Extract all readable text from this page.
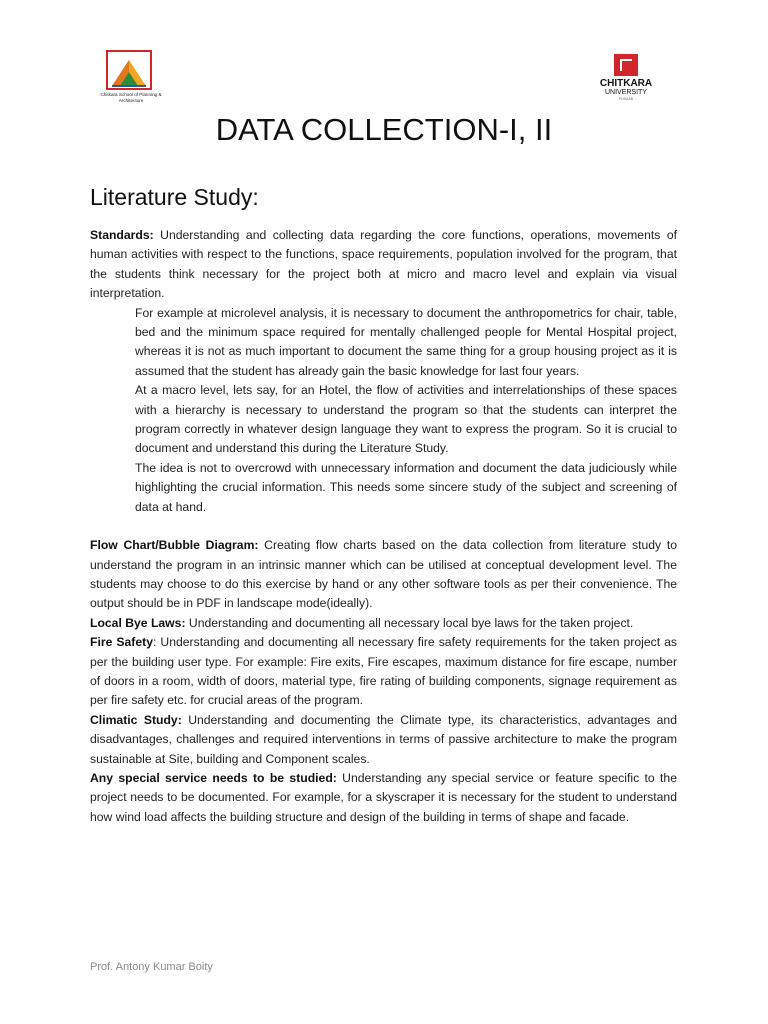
Chitkara School of Planning & Architecture
CHITKARA
UNIVERSITY
PUNJAB
DATA COLLECTION-I, II
Literature Study:

Standards: Understanding and collecting data regarding the core functions, operations, movements of human activities with respect to the functions, space requirements, population involved for the program, that the students think necessary for the project both at micro and macro level and explain via visual interpretation.

For example at microlevel analysis, it is necessary to document the anthropometrics for chair, table, bed and the minimum space required for mentally challenged people for Mental Hospital project, whereas it is not as much important to document the same thing for a group housing project as it is assumed that the student has already gain the basic knowledge for last four years.

At a macro level, lets say, for an Hotel, the flow of activities and interrelationships of these spaces with a hierarchy is necessary to understand the program so that the students can interpret the program correctly in whatever design language they want to express the program. So it is crucial to document and understand this during the Literature Study.

The idea is not to overcrowd with unnecessary information and document the data judiciously while highlighting the crucial information. This needs some sincere study of the subject and screening of data at hand.

Flow Chart/Bubble Diagram: Creating flow charts based on the data collection from literature study to understand the program in an intrinsic manner which can be utilised at conceptual development level. The students may choose to do this exercise by hand or any other software tools as per their convenience. The output should be in PDF in landscape mode(ideally).

Local Bye Laws: Understanding and documenting all necessary local bye laws for the taken project.

Fire Safety: Understanding and documenting all necessary fire safety requirements for the taken project as per the building user type. For example: Fire exits, Fire escapes, maximum distance for fire escape, number of doors in a room, width of doors, material type, fire rating of building components, signage requirement as per fire safety etc. for crucial areas of the program.

Climatic Study: Understanding and documenting the Climate type, its characteristics, advantages and disadvantages, challenges and required interventions in terms of passive architecture to make the program sustainable at Site, building and Component scales.

Any special service needs to be studied: Understanding any special service or feature specific to the project needs to be documented. For example, for a skyscraper it is necessary for the student to understand how wind load affects the building structure and design of the building in terms of shape and facade.

Prof. Antony Kumar Boity
